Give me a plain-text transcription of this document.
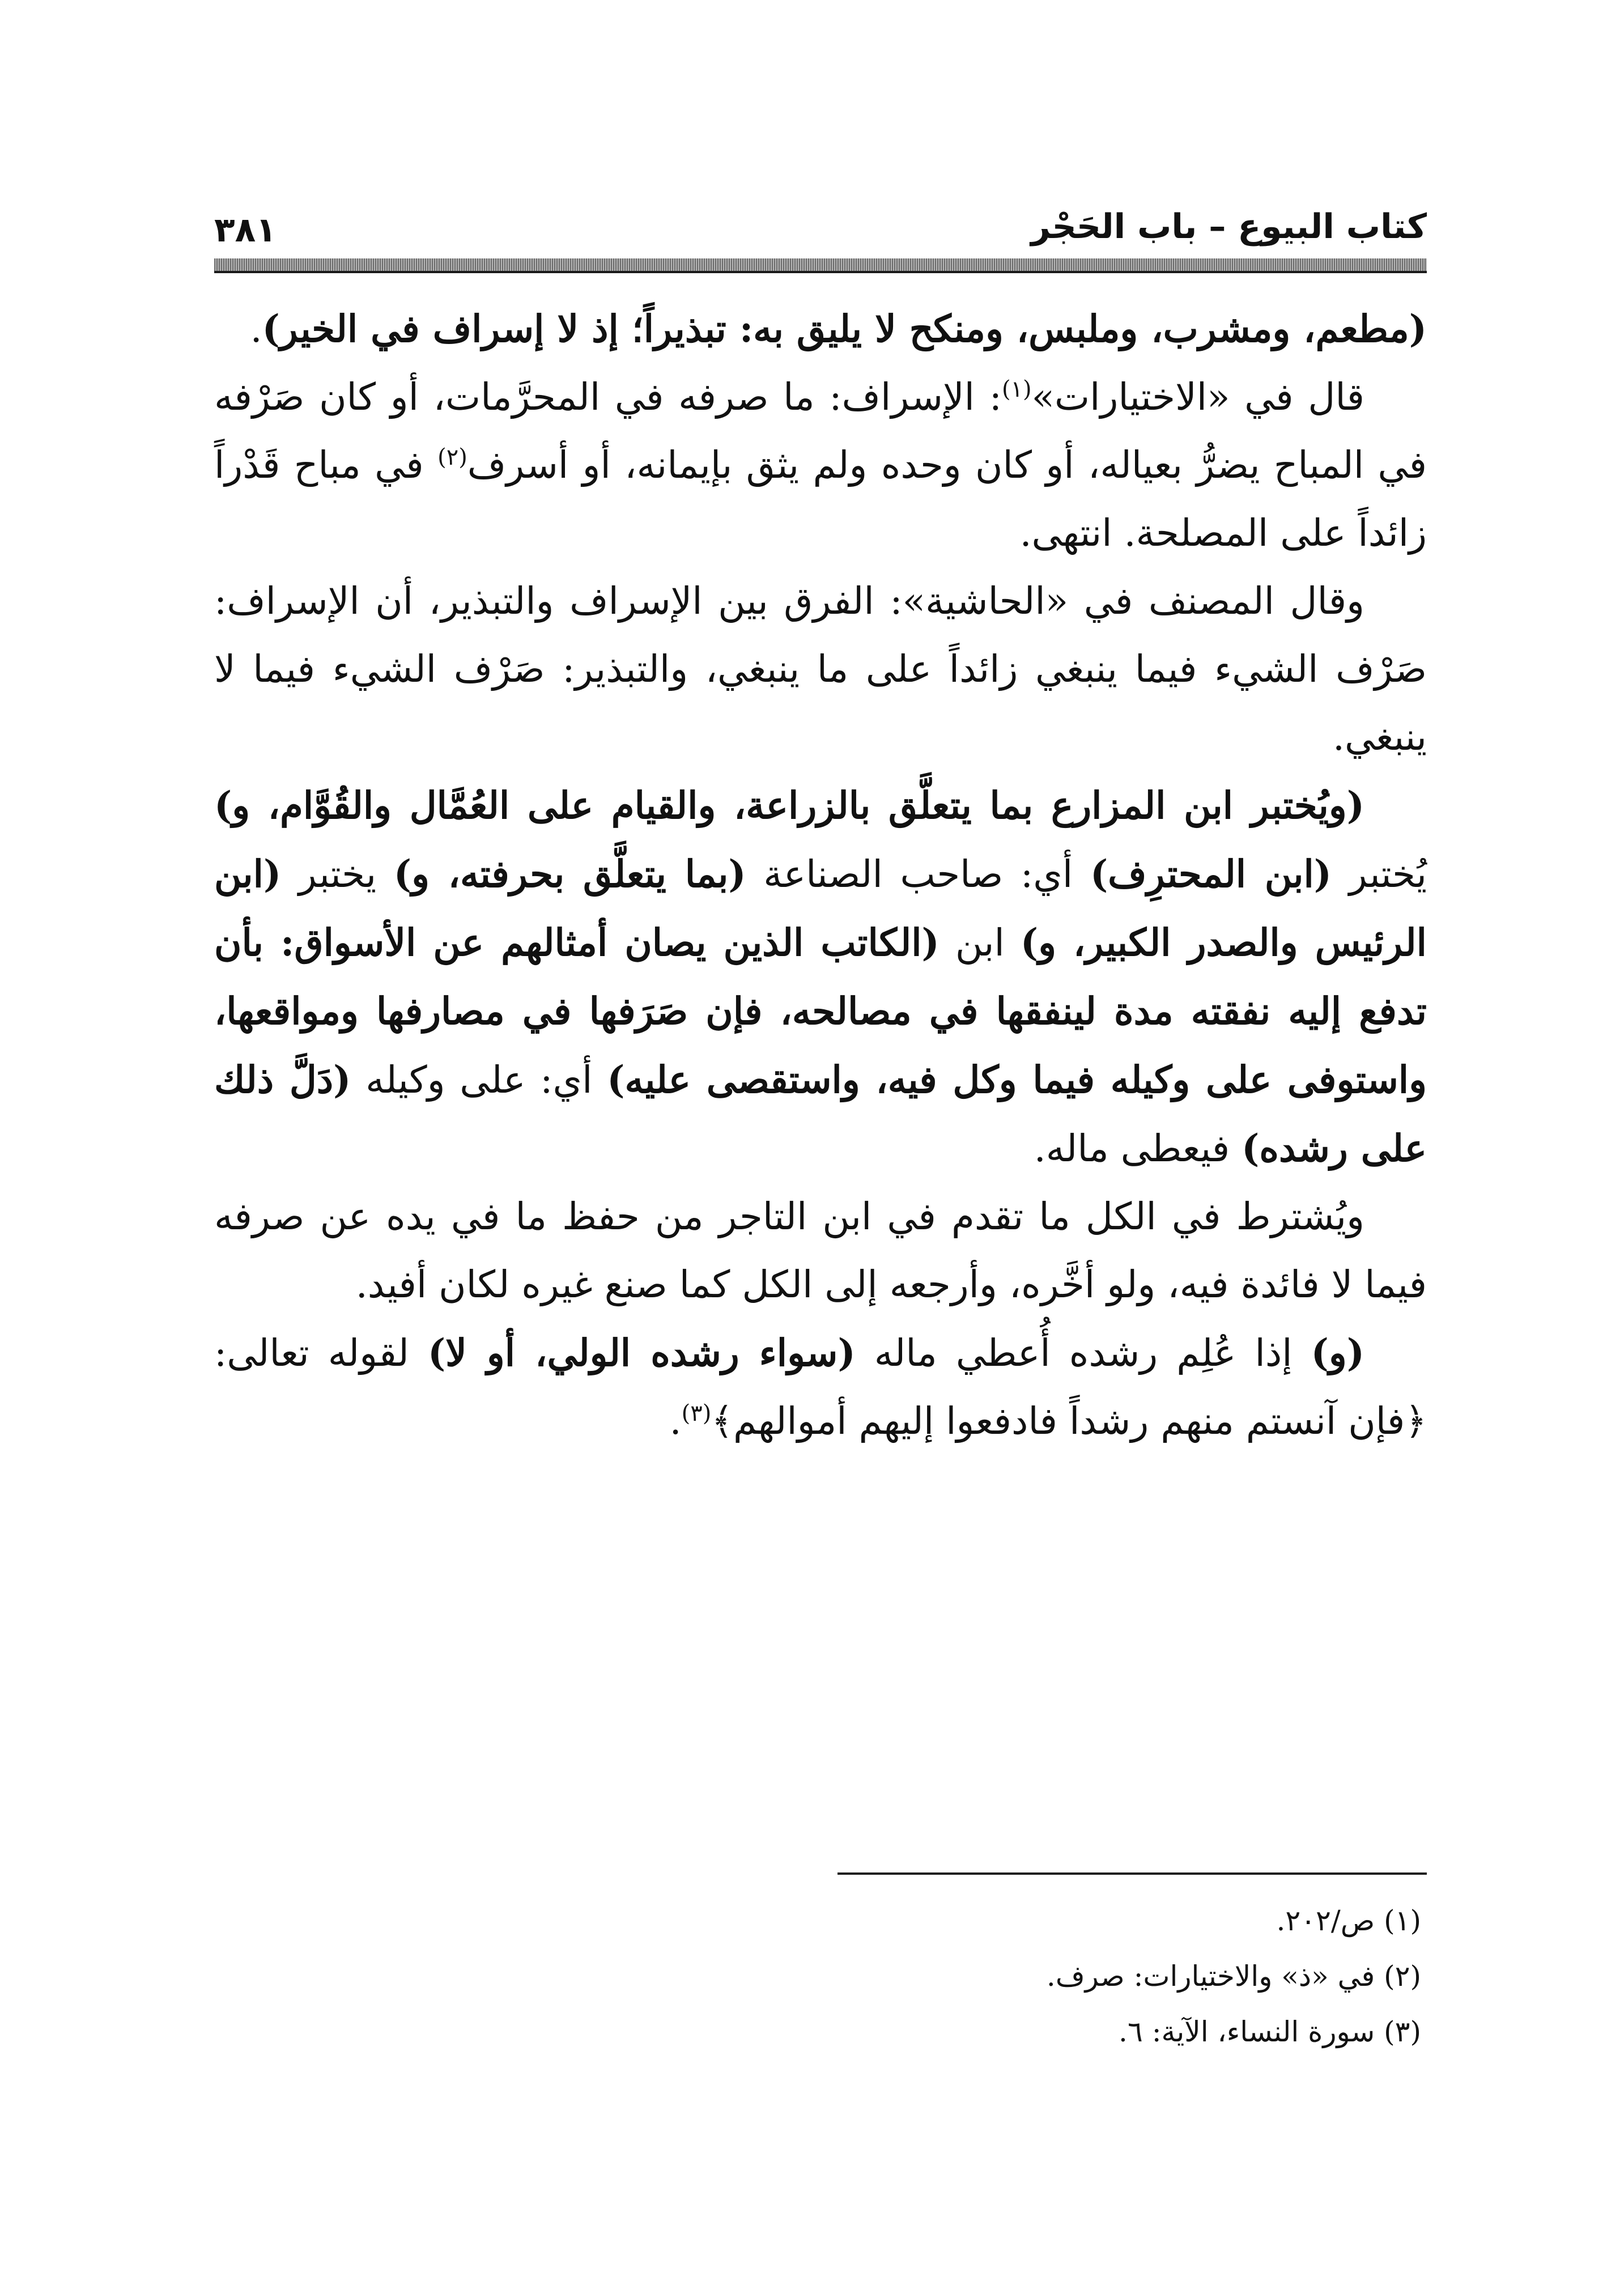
كتاب البيوع – باب الحَجْر
٣٨١

(مطعم، ومشرب، وملبس، ومنكح لا يليق به: تبذيراً؛ إذ لا إسراف في الخير).

قال في «الاختيارات»$^{(١)}$: الإسراف: ما صرفه في المحرَّمات، أو كان صَرْفه في المباح يضرُّ بعياله، أو كان وحده ولم يثق بإيمانه، أو أسرف$^{(٢)}$ في مباح قَدْراً زائداً على المصلحة. انتهى.

وقال المصنف في «الحاشية»: الفرق بين الإسراف والتبذير، أن الإسراف: صَرْف الشيء فيما ينبغي زائداً على ما ينبغي، والتبذير: صَرْف الشيء فيما لا ينبغي.

(ويُختبر ابن المزارع بما يتعلَّق بالزراعة، والقيام على العُمَّال والقُوَّام، و) يُختبر (ابن المحترِف) أي: صاحب الصناعة (بما يتعلَّق بحرفته، و) يختبر (ابن الرئيس والصدر الكبير، و) ابن (الكاتب الذين يصان أمثالهم عن الأسواق: بأن تدفع إليه نفقته مدة لينفقها في مصالحه، فإن صَرَفها في مصارفها ومواقعها، واستوفى على وكيله فيما وكل فيه، واستقصى عليه) أي: على وكيله (دَلَّ ذلك على رشده) فيعطى ماله.

ويُشترط في الكل ما تقدم في ابن التاجر من حفظ ما في يده عن صرفه فيما لا فائدة فيه، ولو أخَّره، وأرجعه إلى الكل كما صنع غيره لكان أفيد.

(و) إذا عُلِم رشده أُعطي ماله (سواء رشده الولي، أو لا) لقوله تعالى: ﴿فإن آنستم منهم رشداً فادفعوا إليهم أموالهم﴾$^{(٣)}$.

(١) ص/٢٠٢.

(٢) في «ذ» والاختيارات: صرف.

(٣) سورة النساء، الآية: ٦.
